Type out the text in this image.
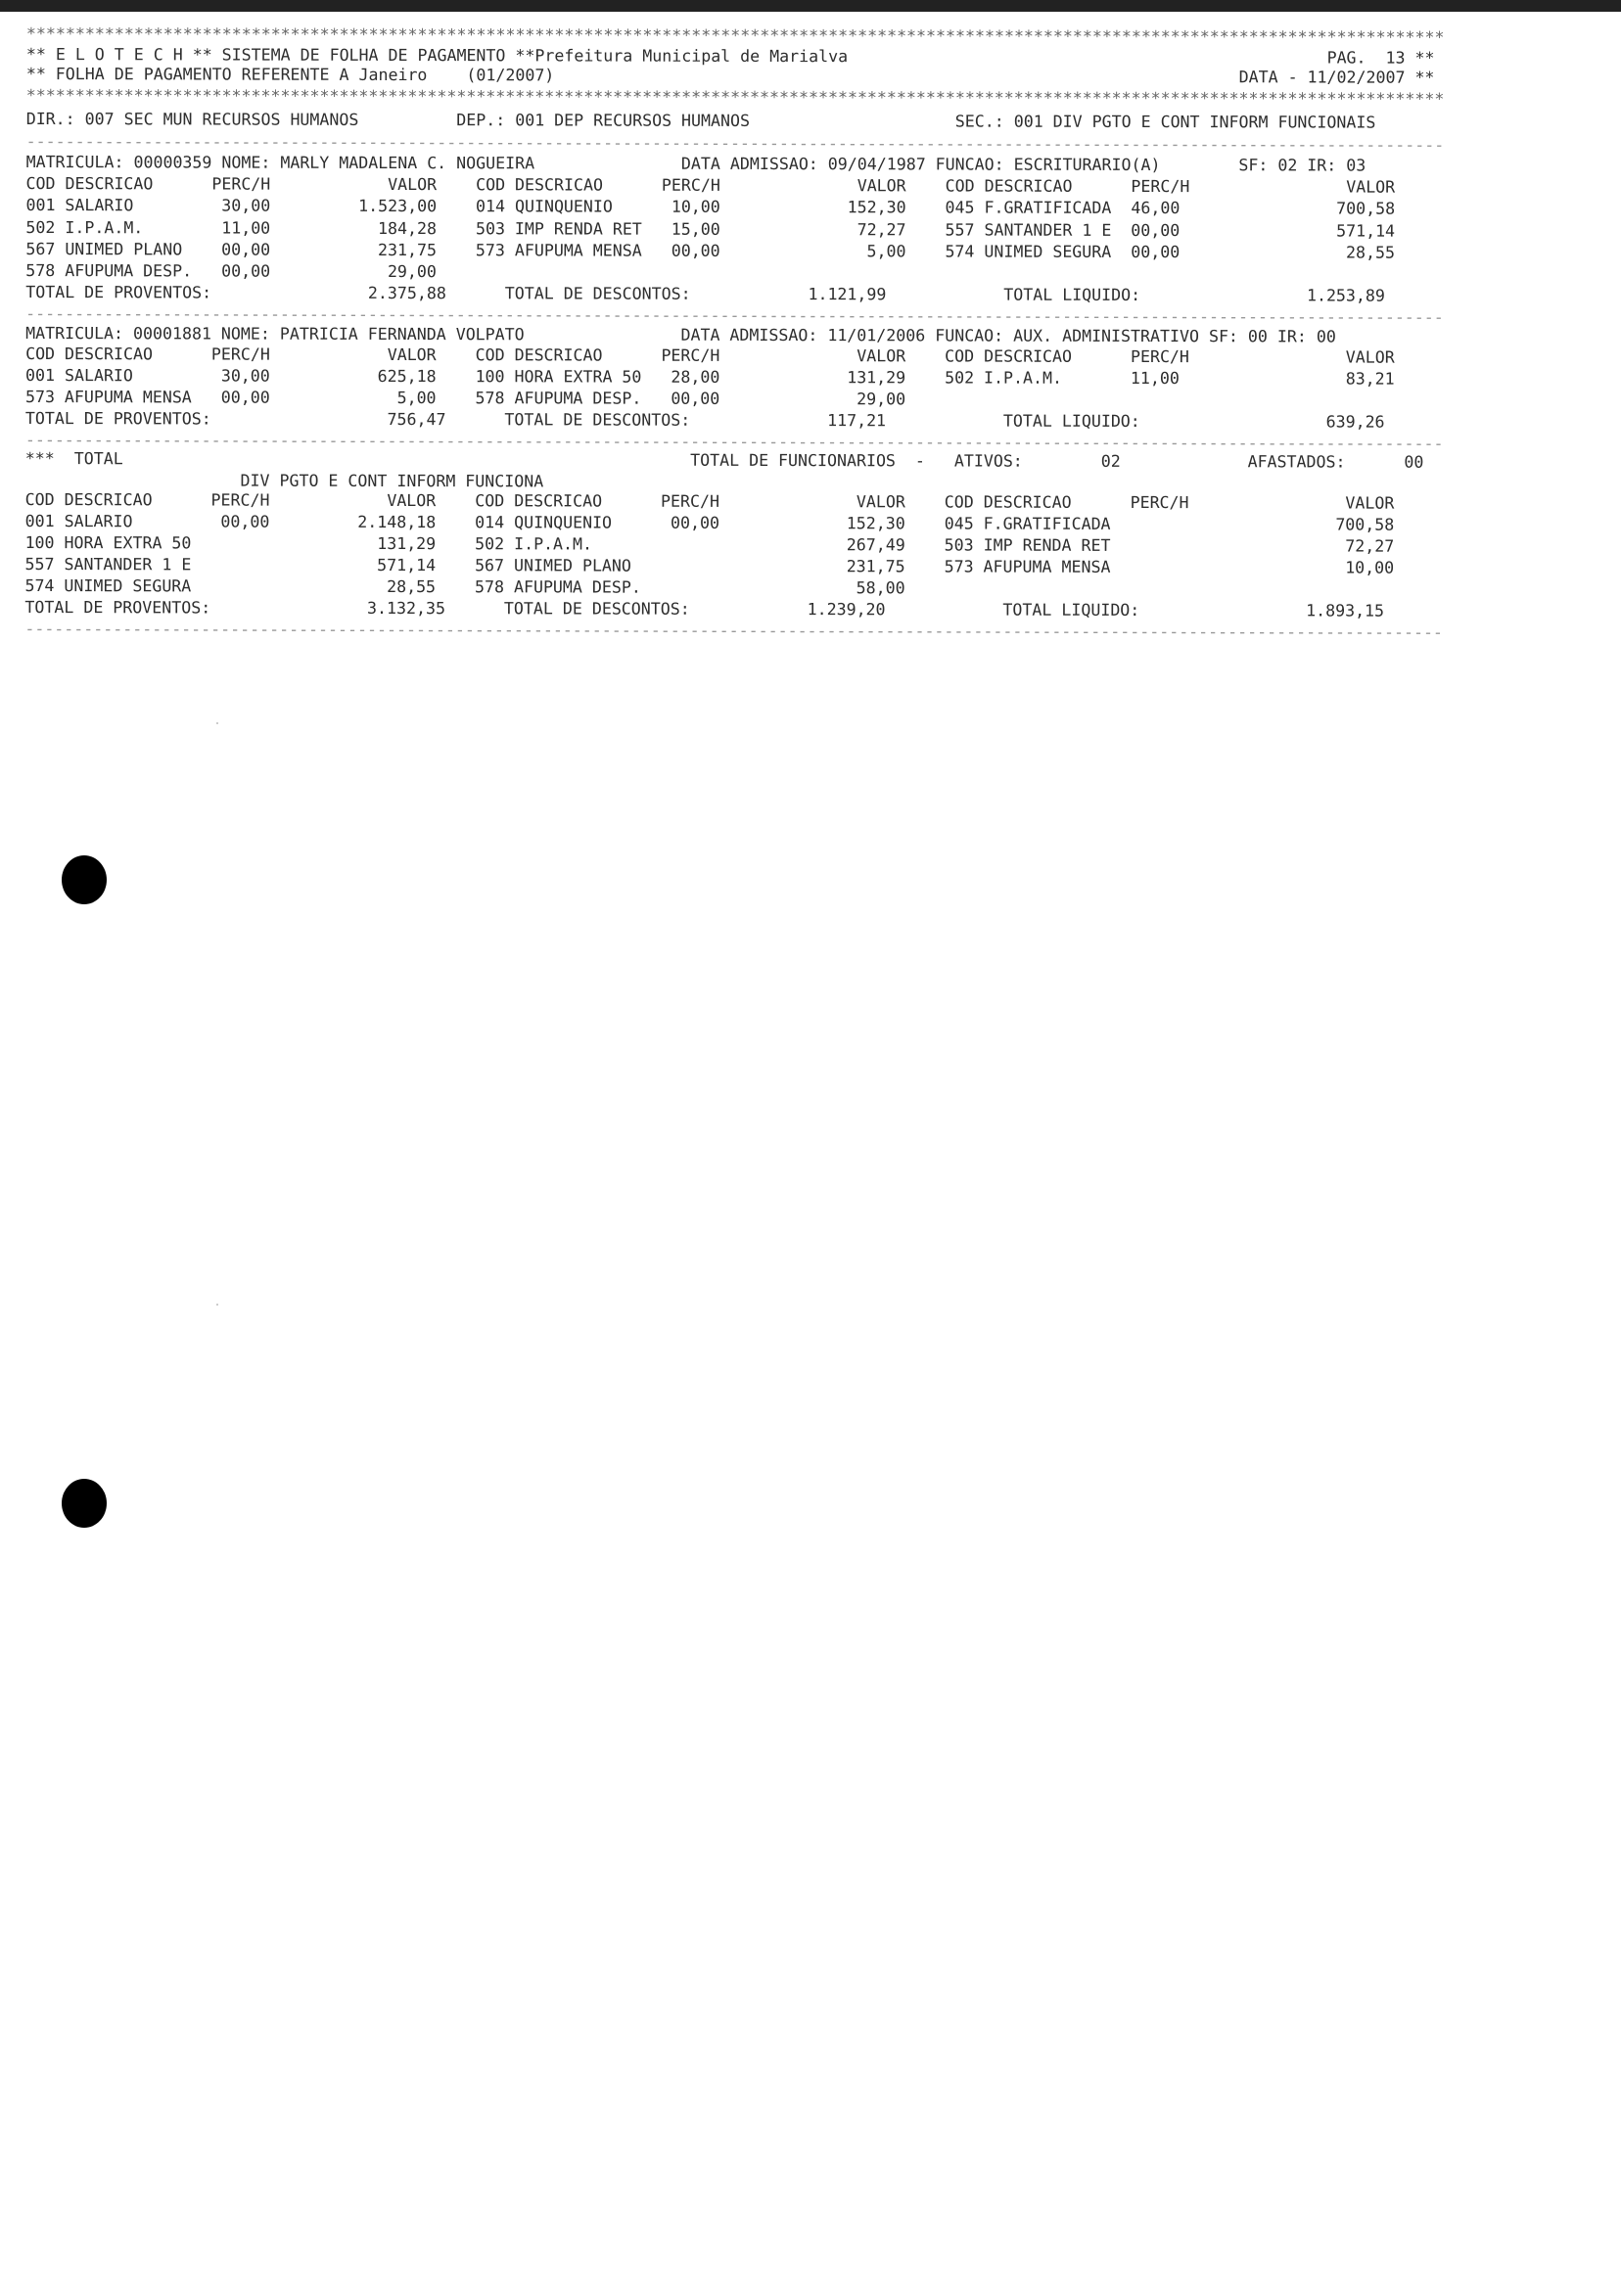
*************************************************************************************************************************************************
** E L O T E C H ** SISTEMA DE FOLHA DE PAGAMENTO **Prefeitura Municipal de Marialva                                                 PAG.  13 **
** FOLHA DE PAGAMENTO REFERENTE A Janeiro    (01/2007)                                                                      DATA - 11/02/2007 **
*************************************************************************************************************************************************
DIR.: 007 SEC MUN RECURSOS HUMANOS          DEP.: 001 DEP RECURSOS HUMANOS                     SEC.: 001 DIV PGTO E CONT INFORM FUNCIONAIS
-------------------------------------------------------------------------------------------------------------------------------------------------
MATRICULA: 00000359 NOME: MARLY MADALENA C. NOGUEIRA               DATA ADMISSAO: 09/04/1987 FUNCAO: ESCRITURARIO(A)        SF: 02 IR: 03
COD DESCRICAO      PERC/H            VALOR    COD DESCRICAO      PERC/H              VALOR    COD DESCRICAO      PERC/H                VALOR
001 SALARIO         30,00         1.523,00    014 QUINQUENIO      10,00             152,30    045 F.GRATIFICADA  46,00                700,58
502 I.P.A.M.        11,00           184,28    503 IMP RENDA RET   15,00              72,27    557 SANTANDER 1 E  00,00                571,14
567 UNIMED PLANO    00,00           231,75    573 AFUPUMA MENSA   00,00               5,00    574 UNIMED SEGURA  00,00                 28,55
578 AFUPUMA DESP.   00,00            29,00
TOTAL DE PROVENTOS:                2.375,88      TOTAL DE DESCONTOS:            1.121,99            TOTAL LIQUIDO:                 1.253,89
-------------------------------------------------------------------------------------------------------------------------------------------------
MATRICULA: 00001881 NOME: PATRICIA FERNANDA VOLPATO                DATA ADMISSAO: 11/01/2006 FUNCAO: AUX. ADMINISTRATIVO SF: 00 IR: 00
COD DESCRICAO      PERC/H            VALOR    COD DESCRICAO      PERC/H              VALOR    COD DESCRICAO      PERC/H                VALOR
001 SALARIO         30,00           625,18    100 HORA EXTRA 50   28,00             131,29    502 I.P.A.M.       11,00                 83,21
573 AFUPUMA MENSA   00,00             5,00    578 AFUPUMA DESP.   00,00              29,00
TOTAL DE PROVENTOS:                  756,47      TOTAL DE DESCONTOS:              117,21            TOTAL LIQUIDO:                   639,26
-------------------------------------------------------------------------------------------------------------------------------------------------
***  TOTAL                                                          TOTAL DE FUNCIONARIOS  -   ATIVOS:        02             AFASTADOS:      00
DIV PGTO E CONT INFORM FUNCIONA
COD DESCRICAO      PERC/H            VALOR    COD DESCRICAO      PERC/H              VALOR    COD DESCRICAO      PERC/H                VALOR
001 SALARIO         00,00         2.148,18    014 QUINQUENIO      00,00             152,30    045 F.GRATIFICADA                       700,58
100 HORA EXTRA 50                   131,29    502 I.P.A.M.                          267,49    503 IMP RENDA RET                        72,27
557 SANTANDER 1 E                   571,14    567 UNIMED PLANO                      231,75    573 AFUPUMA MENSA                        10,00
574 UNIMED SEGURA                    28,55    578 AFUPUMA DESP.                      58,00
TOTAL DE PROVENTOS:                3.132,35      TOTAL DE DESCONTOS:            1.239,20            TOTAL LIQUIDO:                 1.893,15
-------------------------------------------------------------------------------------------------------------------------------------------------
